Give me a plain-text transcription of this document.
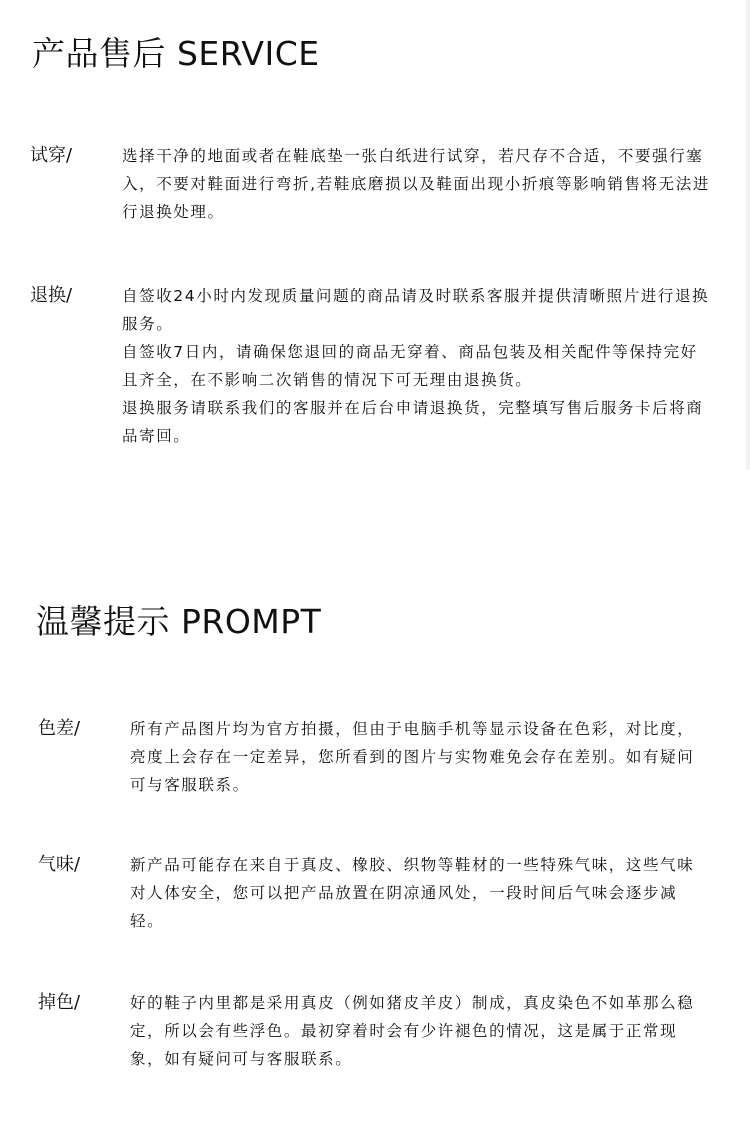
产品售后 SERVICE
试穿/	选择干净的地面或者在鞋底垫一张白纸进行试穿，若尺存不合适，不要强行塞入，不要对鞋面进行弯折,若鞋底磨损以及鞋面出现小折痕等影响销售将无法进行退换处理。

退换/	自签收24小时内发现质量问题的商品请及时联系客服并提供清晰照片进行退换服务。

自签收7日内，请确保您退回的商品无穿着、商品包装及相关配件等保持完好且齐全，在不影响二次销售的情况下可无理由退换货。

退换服务请联系我们的客服并在后台申请退换货，完整填写售后服务卡后将商品寄回。

温馨提示 PROMPT
色差/	所有产品图片均为官方拍摄，但由于电脑手机等显示设备在色彩，对比度，亮度上会存在一定差异，您所看到的图片与实物难免会存在差别。如有疑问可与客服联系。

气味/	新产品可能存在来自于真皮、橡胶、织物等鞋材的一些特殊气味，这些气味对人体安全，您可以把产品放置在阴凉通风处，一段时间后气味会逐步减轻。

掉色/	好的鞋子内里都是采用真皮（例如猪皮羊皮）制成，真皮染色不如革那么稳定，所以会有些浮色。最初穿着时会有少许褪色的情况，这是属于正常现象，如有疑问可与客服联系。
